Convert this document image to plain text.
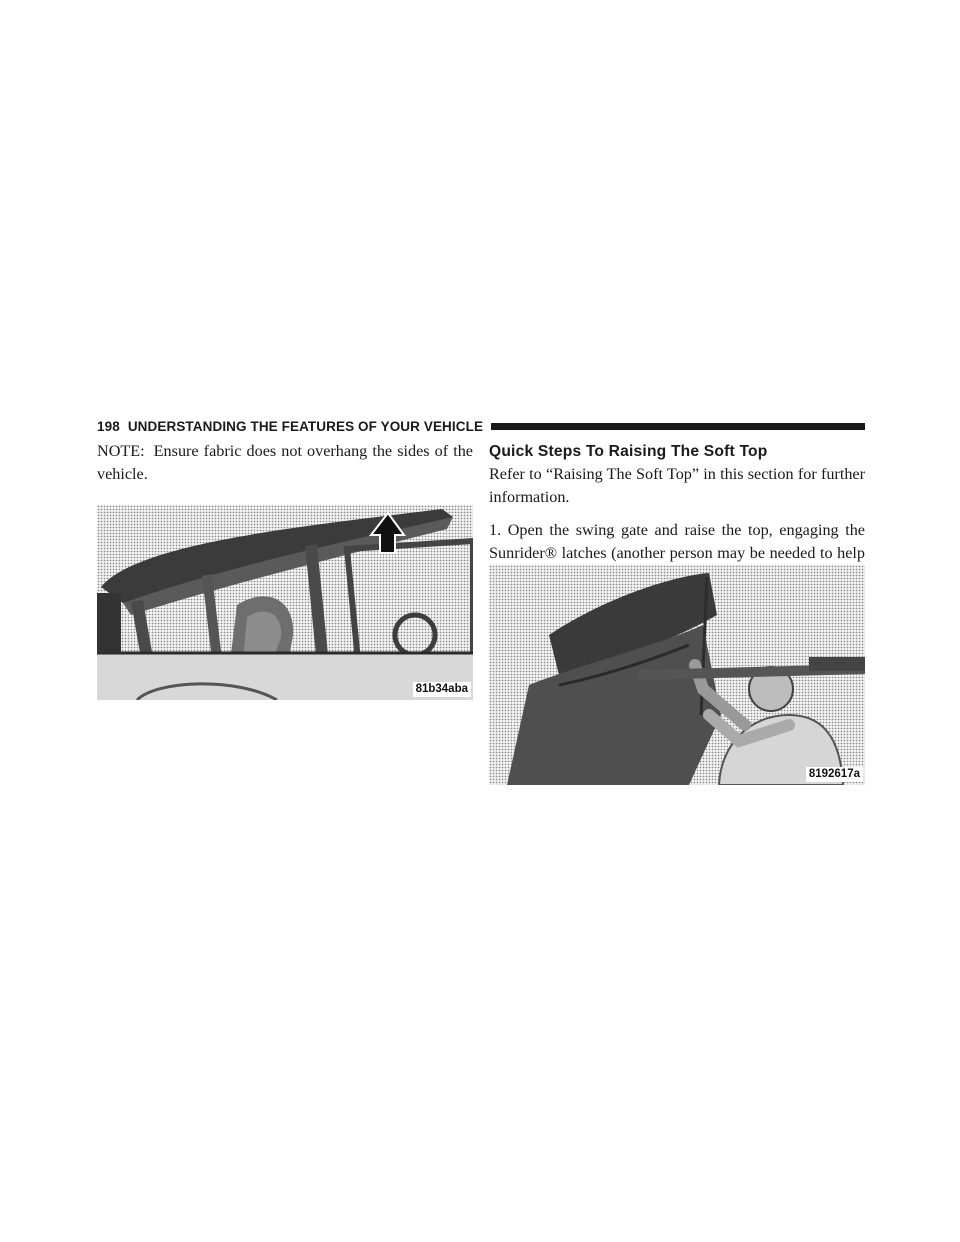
198 UNDERSTANDING THE FEATURES OF YOUR VEHICLE

NOTE: Ensure fabric does not overhang the sides of the vehicle.

81b34aba
Quick Steps To Raising The Soft Top

Refer to “Raising The Soft Top” in this section for further information.

1. Open the swing gate and raise the top, engaging the Sunrider® latches (another person may be needed to help

8192617a
